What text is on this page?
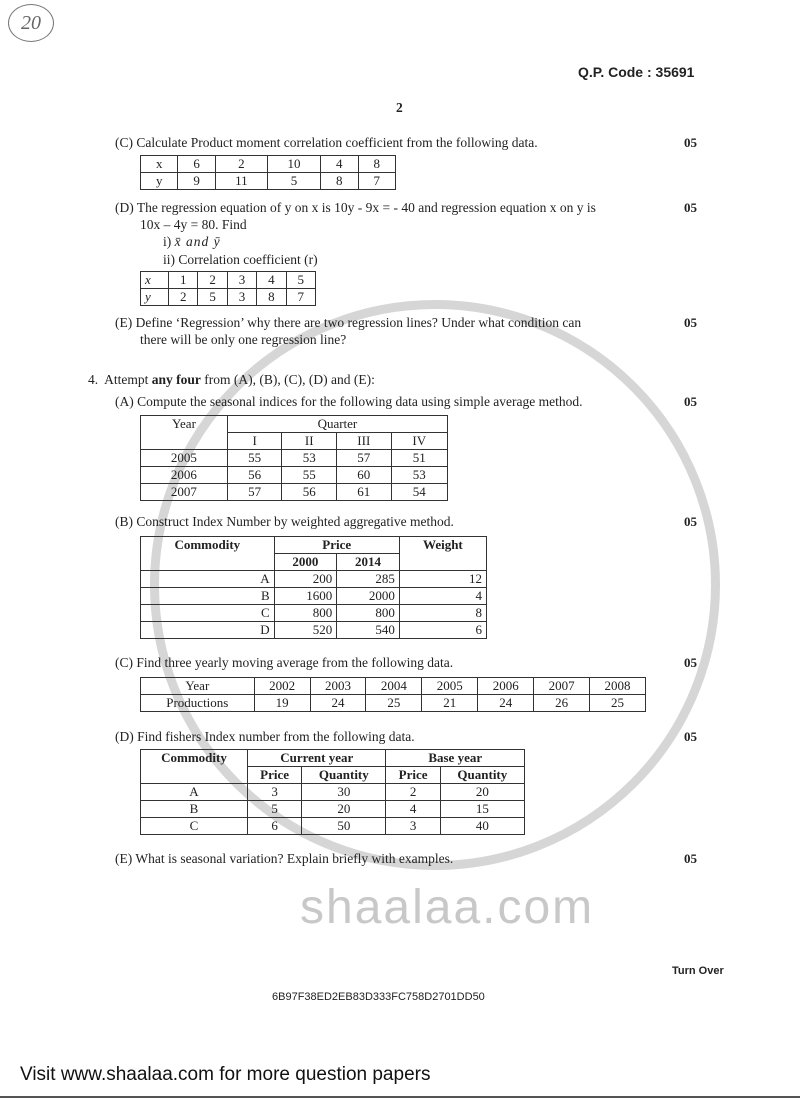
shaalaa.com
20
Q.P. Code : 35691
2
(C) Calculate Product moment correlation coefficient from the following data.	05
x	6	2	10	4	8
y	9	11	5	8	7
(D) The regression equation of y on x is 10y - 9x = - 40 and regression equation x on y is	05
10x – 4y = 80. Find
i) x̄ and ȳ
ii) Correlation coefficient (r)
x	1	2	3	4	5
y	2	5	3	8	7
(E) Define ‘Regression’ why there are two regression lines? Under what condition can	05
there will be only one regression line?
4. Attempt any four from (A), (B), (C), (D) and (E):
(A) Compute the seasonal indices for the following data using simple average method.	05
Year	Quarter			
	I	II	III	IV
2005	55	53	57	51
2006	56	55	60	53
2007	57	56	61	54
(B) Construct Index Number by weighted aggregative method.	05
Commodity	Price		Weight
	2000	2014	
A	200	285	12
B	1600	2000	4
C	800	800	8
D	520	540	6
(C) Find three yearly moving average from the following data.	05
Year	2002	2003	2004	2005	2006	2007	2008
Productions	19	24	25	21	24	26	25
(D) Find fishers Index number from the following data.	05
Commodity	Current year		Base year	
	Price	Quantity	Price	Quantity
A	3	30	2	20
B	5	20	4	15
C	6	50	3	40
(E) What is seasonal variation? Explain briefly with examples.	05
Turn Over
6B97F38ED2EB83D333FC758D2701DD50
Visit www.shaalaa.com for more question papers
